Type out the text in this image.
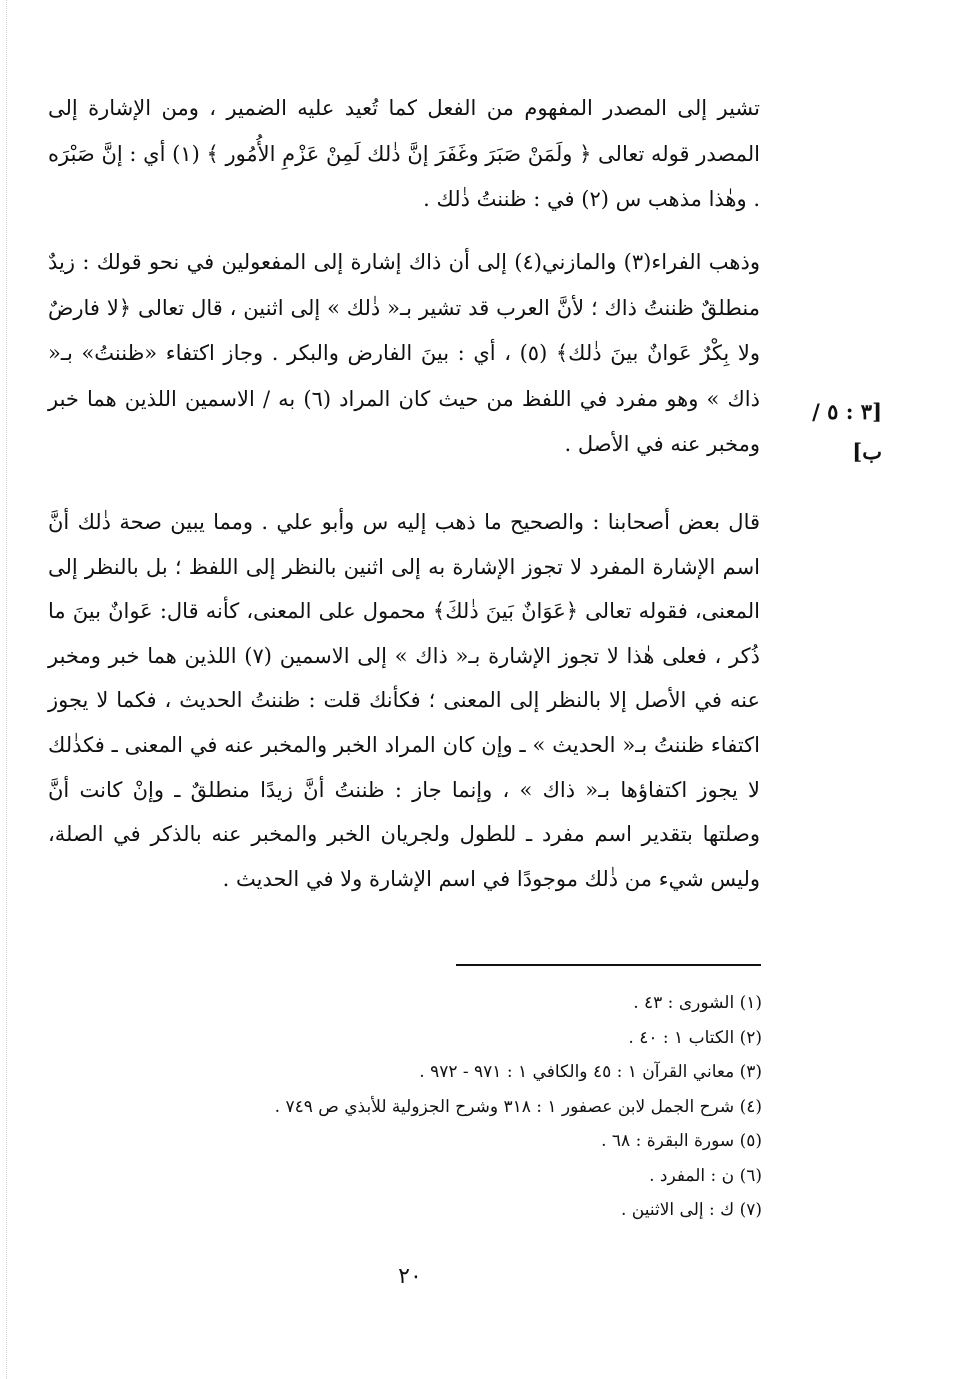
تشير إلى المصدر المفهوم من الفعل كما تُعيد عليه الضمير ، ومن الإشارة إلى المصدر قوله تعالى ﴿ ولَمَنْ صَبَرَ وغَفَرَ إنَّ ذٰلك لَمِنْ عَزْمِ الأُمُور ﴾ (١) أي : إنَّ صَبْرَه . وهٰذا مذهب س (٢) في : ظننتُ ذٰلك .

وذهب الفراء(٣) والمازني(٤) إلى أن ذاك إشارة إلى المفعولين في نحو قولك : زيدٌ منطلقٌ ظننتُ ذاك ؛ لأنَّ العرب قد تشير بـ« ذٰلك » إلى اثنين ، قال تعالى ﴿لا فارضٌ ولا بِكْرٌ عَوانٌ بينَ ذٰلك﴾ (٥) ، أي : بينَ الفارض والبكر . وجاز اكتفاء «ظننتُ» بـ« ذاك » وهو مفرد في اللفظ من حيث كان المراد (٦) به / الاسمين اللذين هما خبر ومخبر عنه في الأصل .

[٣ : ٥ /ب]

قال بعض أصحابنا : والصحيح ما ذهب إليه س وأبو علي . ومما يبين صحة ذٰلك أنَّ اسم الإشارة المفرد لا تجوز الإشارة به إلى اثنين بالنظر إلى اللفظ ؛ بل بالنظر إلى المعنى، فقوله تعالى ﴿عَوَانٌ بَينَ ذٰلكَ﴾ محمول على المعنى، كأنه قال: عَوانٌ بينَ ما ذُكر ، فعلى هٰذا لا تجوز الإشارة بـ« ذاك » إلى الاسمين (٧) اللذين هما خبر ومخبر عنه في الأصل إلا بالنظر إلى المعنى ؛ فكأنك قلت : ظننتُ الحديث ، فكما لا يجوز اكتفاء ظننتُ بـ« الحديث » ـ وإن كان المراد الخبر والمخبر عنه في المعنى ـ فكذٰلك لا يجوز اكتفاؤها بـ« ذاك » ، وإنما جاز : ظننتُ أنَّ زيدًا منطلقٌ ـ وإنْ كانت أنَّ وصلتها بتقدير اسم مفرد ـ للطول ولجريان الخبر والمخبر عنه بالذكر في الصلة، وليس شيء من ذٰلك موجودًا في اسم الإشارة ولا في الحديث .

(١) الشورى : ٤٣ .
(٢) الكتاب ١ : ٤٠ .
(٣) معاني القرآن ١ : ٤٥ والكافي ١ : ٩٧١ - ٩٧٢ .
(٤) شرح الجمل لابن عصفور ١ : ٣١٨ وشرح الجزولية للأبذي ص ٧٤٩ .
(٥) سورة البقرة : ٦٨ .
(٦) ن : المفرد .
(٧) ك : إلى الاثنين .
٢٠
